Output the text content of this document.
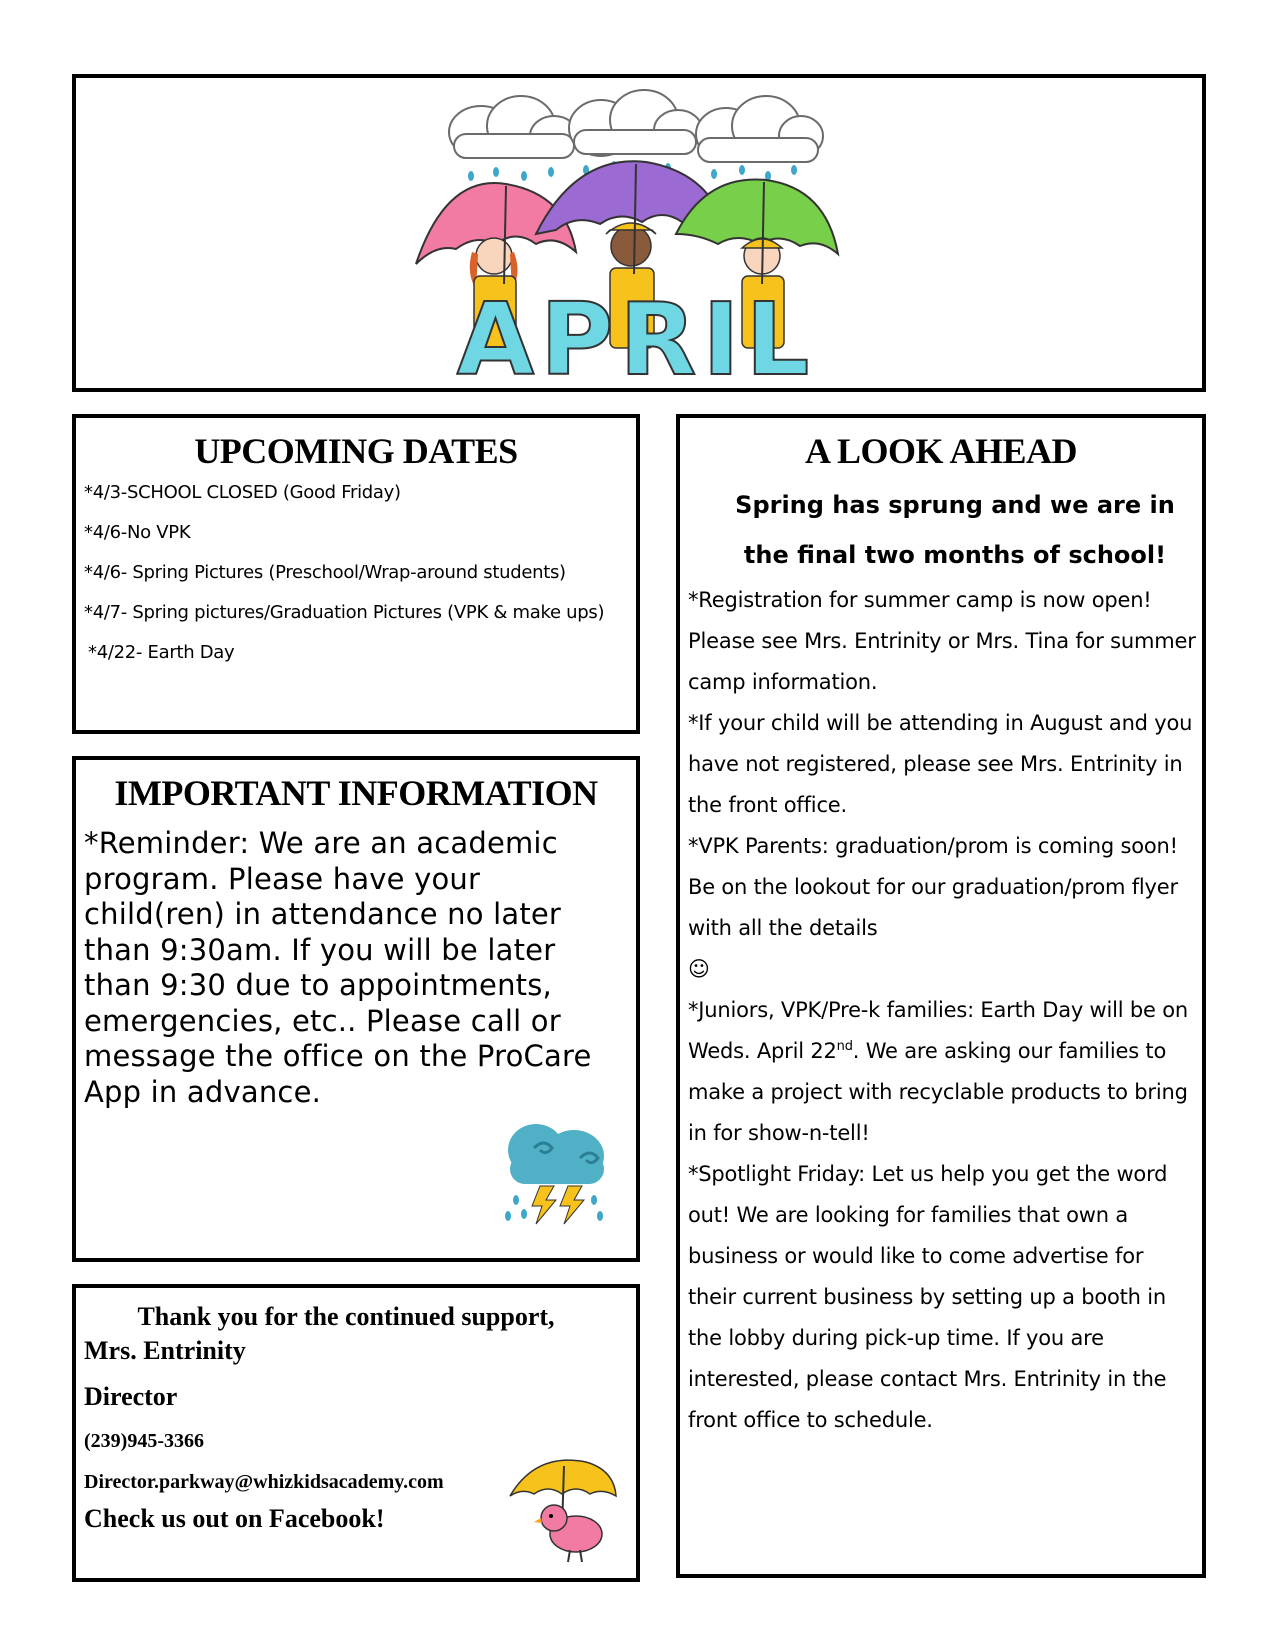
APRIL
UPCOMING DATES
*4/3-SCHOOL CLOSED (Good Friday)
*4/6-No VPK
*4/6- Spring Pictures (Preschool/Wrap-around students)
*4/7- Spring pictures/Graduation Pictures (VPK & make ups)
*4/22- Earth Day
IMPORTANT INFORMATION

*Reminder: We are an academic program. Please have your child(ren) in attendance no later than 9:30am. If you will be later than 9:30 due to appointments, emergencies, etc.. Please call or message the office on the ProCare App in advance.

Thank you for the continued support,

Mrs. Entrinity

Director

(239)945-3366

Director.parkway@whizkidsacademy.com

Check us out on Facebook!

A LOOK AHEAD

Spring has sprung and we are in the final two months of school!

*Registration for summer camp is now open! Please see Mrs. Entrinity or Mrs. Tina for summer camp information.

*If your child will be attending in August and you have not registered, please see Mrs. Entrinity in the front office.

*VPK Parents: graduation/prom is coming soon! Be on the lookout for our graduation/prom flyer with all the details
☺

*Juniors, VPK/Pre-k families: Earth Day will be on Weds. April 22nd. We are asking our families to make a project with recyclable products to bring in for show-n-tell!

*Spotlight Friday: Let us help you get the word out! We are looking for families that own a business or would like to come advertise for their current business by setting up a booth in the lobby during pick-up time. If you are interested, please contact Mrs. Entrinity in the front office to schedule.
